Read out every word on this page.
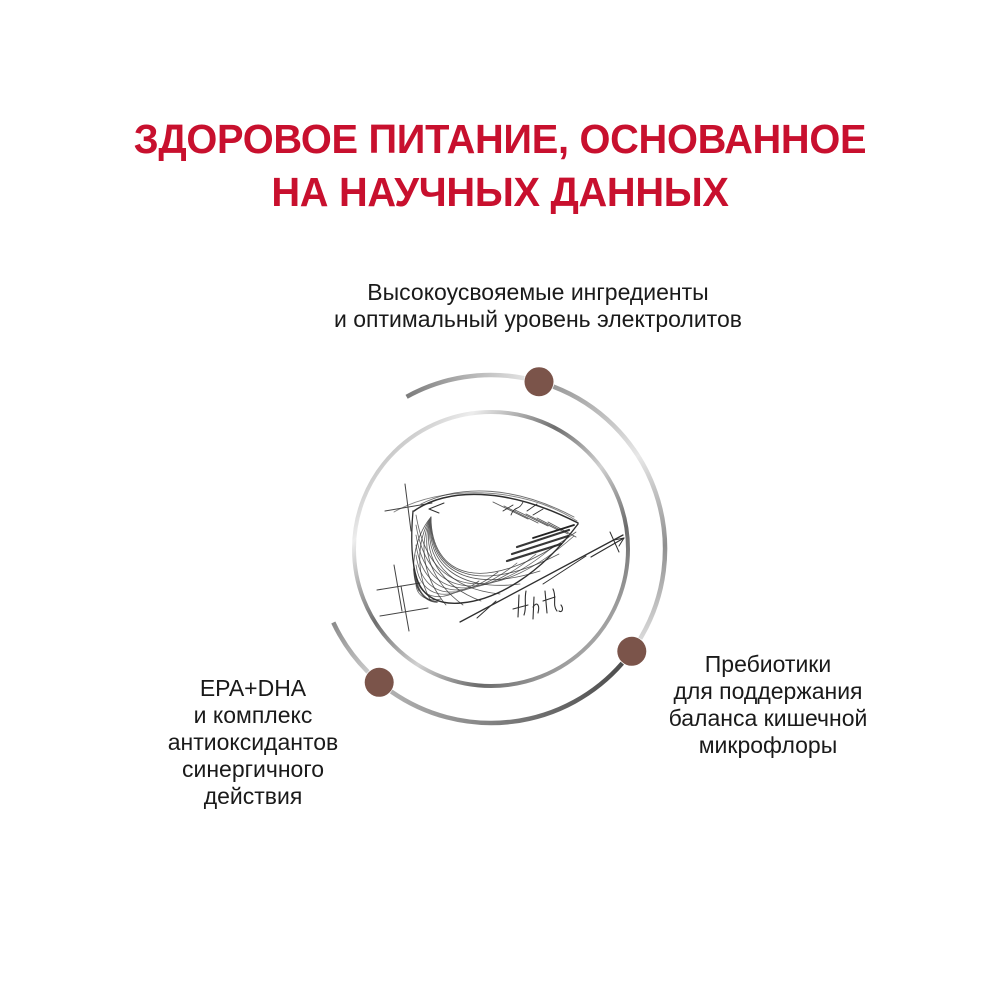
ЗДОРОВОЕ ПИТАНИЕ, ОСНОВАННОЕ
НА НАУЧНЫХ ДАННЫХ
Высокоусвояемые ингредиенты
и оптимальный уровень электролитов
EPA+DHA
и комплекс
антиоксидантов
синергичного
действия
Пребиотики
для поддержания
баланса кишечной
микрофлоры
